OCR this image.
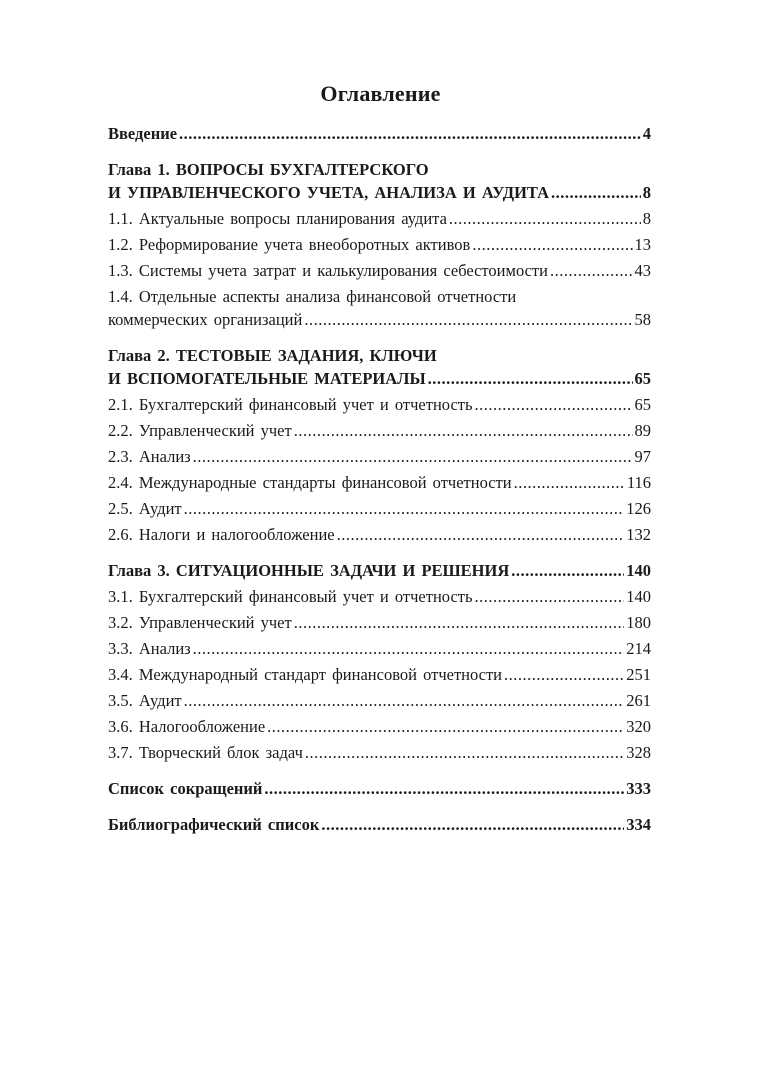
Оглавление
Введение .....	4
Глава 1. ВОПРОСЫ БУХГАЛТЕРСКОГО
И УПРАВЛЕНЧЕСКОГО УЧЕТА, АНАЛИЗА И АУДИТА .....	8
1.1. Актуальные вопросы планирования аудита .....	8
1.2. Реформирование учета внеоборотных активов .....	13
1.3. Системы учета затрат и калькулирования себестоимости .....	43
1.4. Отдельные аспекты анализа финансовой отчетности
коммерческих организаций .....	58
Глава 2. ТЕСТОВЫЕ ЗАДАНИЯ, КЛЮЧИ
И ВСПОМОГАТЕЛЬНЫЕ МАТЕРИАЛЫ .....	65
2.1. Бухгалтерский финансовый учет и отчетность .....	65
2.2. Управленческий учет .....	89
2.3. Анализ .....	97
2.4. Международные стандарты финансовой отчетности .....	116
2.5. Аудит .....	126
2.6. Налоги и налогообложение .....	132
Глава 3. СИТУАЦИОННЫЕ ЗАДАЧИ И РЕШЕНИЯ .....	140
3.1. Бухгалтерский финансовый учет и отчетность .....	140
3.2. Управленческий учет .....	180
3.3. Анализ .....	214
3.4. Международный стандарт финансовой отчетности .....	251
3.5. Аудит .....	261
3.6. Налогообложение .....	320
3.7. Творческий блок задач .....	328
Список сокращений .....	333
Библиографический список .....	334
